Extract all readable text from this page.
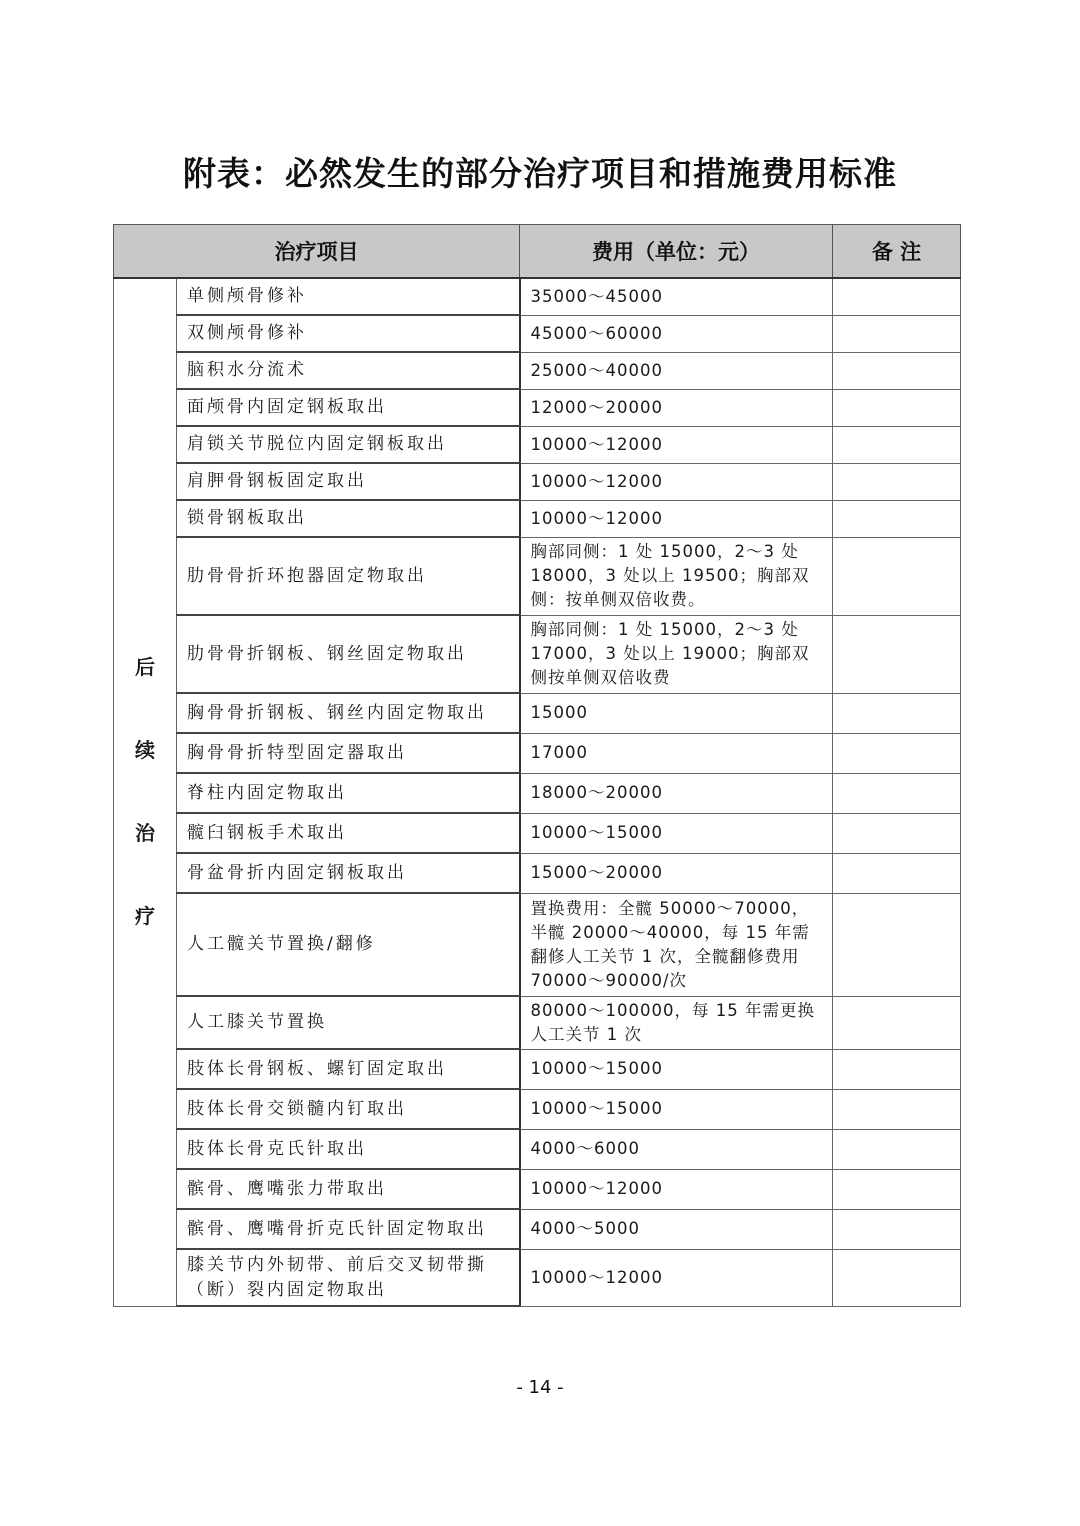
附表：必然发生的部分治疗项目和措施费用标准
治疗项目		费用（单位：元）	备 注
后续治疗	单侧颅骨修补	35000～45000	
	双侧颅骨修补	45000～60000	
	脑积水分流术	25000～40000	
	面颅骨内固定钢板取出	12000～20000	
	肩锁关节脱位内固定钢板取出	10000～12000	
	肩胛骨钢板固定取出	10000～12000	
	锁骨钢板取出	10000～12000	
	肋骨骨折环抱器固定物取出	胸部同侧：1 处 15000，2～3 处 18000，3 处以上 19500；胸部双侧：按单侧双倍收费。	
	肋骨骨折钢板、钢丝固定物取出	胸部同侧：1 处 15000，2～3 处 17000，3 处以上 19000；胸部双侧按单侧双倍收费	
	胸骨骨折钢板、钢丝内固定物取出	15000	
	胸骨骨折特型固定器取出	17000	
	脊柱内固定物取出	18000～20000	
	髋臼钢板手术取出	10000～15000	
	骨盆骨折内固定钢板取出	15000～20000	
	人工髋关节置换/翻修	置换费用：全髋 50000～70000，半髋 20000～40000，每 15 年需翻修人工关节 1 次，全髋翻修费用 70000～90000/次	
	人工膝关节置换	80000～100000，每 15 年需更换人工关节 1 次	
	肢体长骨钢板、螺钉固定取出	10000～15000	
	肢体长骨交锁髓内钉取出	10000～15000	
	肢体长骨克氏针取出	4000～6000	
	髌骨、鹰嘴张力带取出	10000～12000	
	髌骨、鹰嘴骨折克氏针固定物取出	4000～5000	
	膝关节内外韧带、前后交叉韧带撕（断）裂内固定物取出	10000～12000	
- 14 -
